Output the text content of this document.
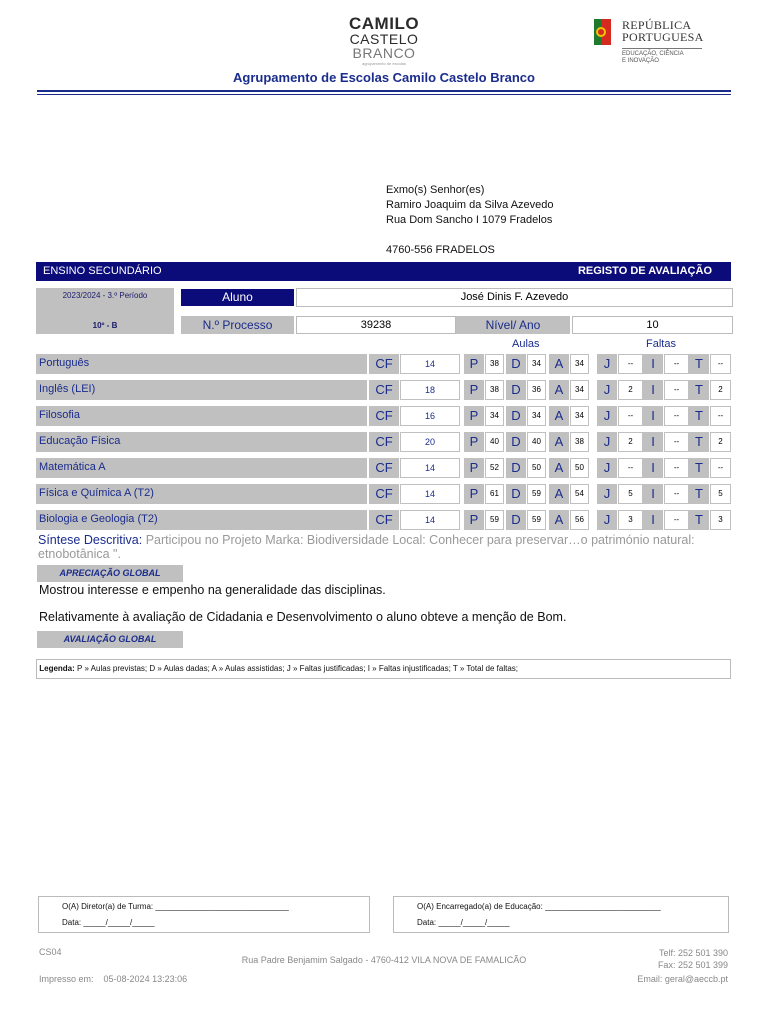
CAMILO
CASTELO
BRANCO
agrupamento de escolas
REPÚBLICA
PORTUGUESA
EDUCAÇÃO, CIÊNCIA
E INOVAÇÃO
Agrupamento de Escolas Camilo Castelo Branco
Exmo(s) Senhor(es)
Ramiro Joaquim da Silva Azevedo
Rua Dom Sancho I 1079 Fradelos
4760-556 FRADELOS
ENSINO SECUNDÁRIO	REGISTO DE AVALIAÇÃO
2023/2024 - 3.º Período
10º - B
Aluno	José Dinis F. Azevedo
N.º Processo	39238	Nível/ Ano	10
Aulas	Faltas
Português	CF	14	P	38 D	34	A	34	J	--	I	--	T	--
Inglês (LEI)	CF	18	P	38 D	36	A	34	J	2	I	--	T	2
Filosofia	CF	16	P	34 D	34	A	34	J	--	I	--	T	--
Educação Física	CF	20	P	40 D	40	A	38	J	2	I	--	T	2
Matemática A	CF	14	P	52 D	50	A	50	J	--	I	--	T	--
Física e Química A (T2)	CF	14	P	61 D	59	A	54	J	5	I	--	T	5
Biologia e Geologia (T2)	CF	14	P	59 D	59	A	56	J	3	I	--	T	3
Síntese Descritiva: Participou no Projeto Marka: Biodiversidade Local: Conhecer para preservar…o património natural: etnobotânica ".
APRECIAÇÃO GLOBAL
Mostrou interesse e empenho na generalidade das disciplinas.
Relativamente à avaliação de Cidadania e Desenvolvimento o aluno obteve a menção de Bom.
AVALIAÇÃO GLOBAL
Legenda: P » Aulas previstas; D » Aulas dadas; A » Aulas assistidas; J » Faltas justificadas; I » Faltas injustificadas; T » Total de faltas;
O(A) Diretor(a) de Turma: ______________________________
Data: _____/_____/_____
O(A) Encarregado(a) de Educação: __________________________
Data: _____/_____/_____
CS04
Rua Padre Benjamim Salgado - 4760-412 VILA NOVA DE FAMALICÃO
Impresso em: 05-08-2024 13:23:06
Telf: 252 501 390
Fax: 252 501 399
Email: geral@aeccb.pt
